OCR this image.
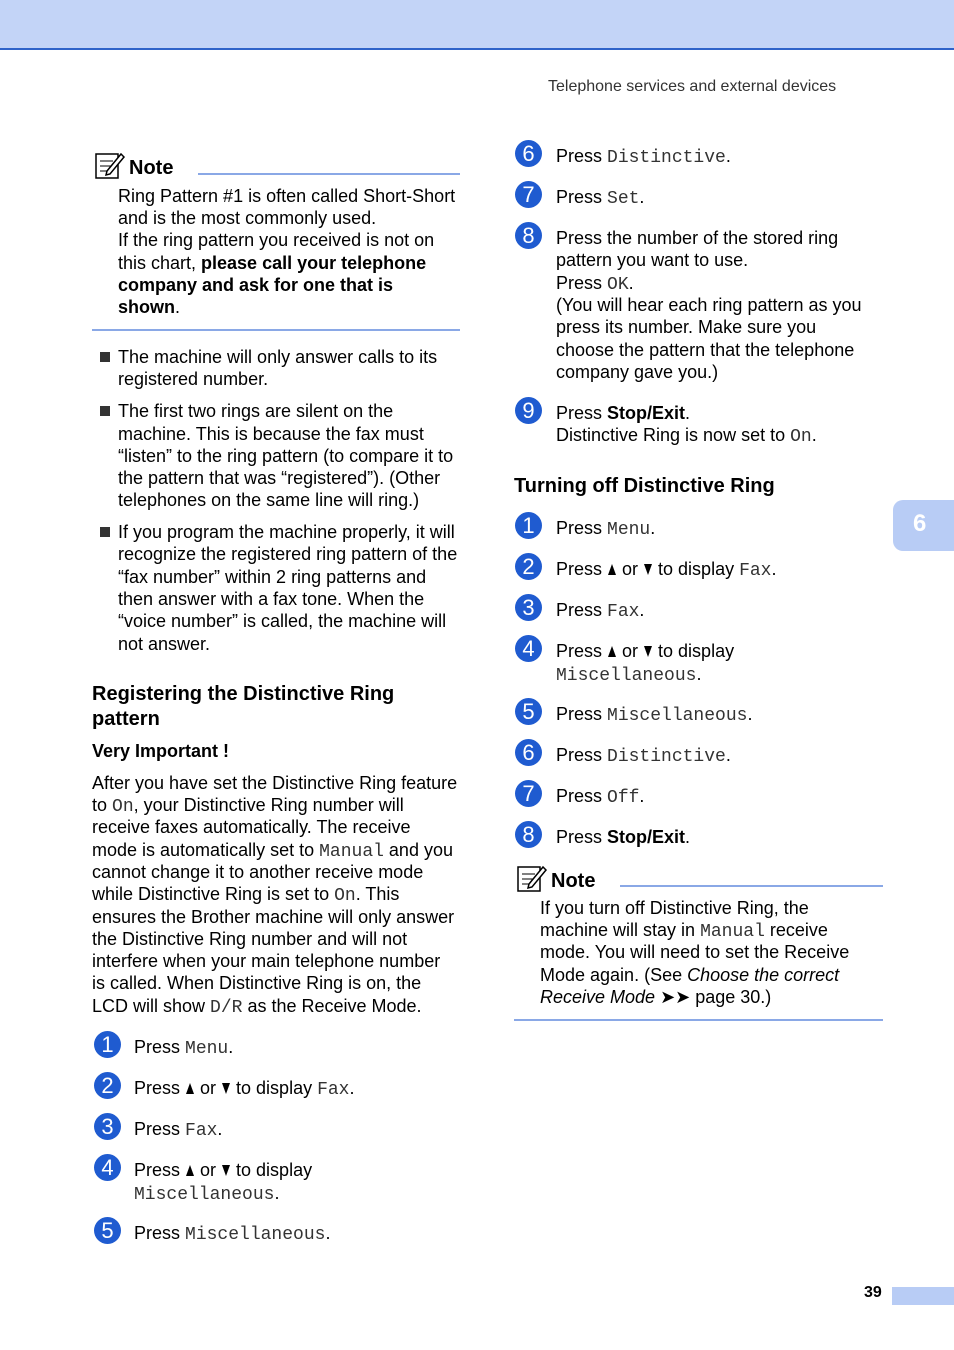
Telephone services and external devices
Note
Ring Pattern #1 is often called Short-Short
and is the most commonly used.
If the ring pattern you received is not on
this chart, please call your telephone
company and ask for one that is
shown.
The machine will only answer calls to its
registered number.
The first two rings are silent on the
machine. This is because the fax must
“listen” to the ring pattern (to compare it to
the pattern that was “registered”). (Other
telephones on the same line will ring.)
If you program the machine properly, it will
recognize the registered ring pattern of the
“fax number” within 2 ring patterns and
then answer with a fax tone. When the
“voice number” is called, the machine will
not answer.
Registering the Distinctive Ring
pattern
Very Important !
After you have set the Distinctive Ring feature
to On, your Distinctive Ring number will
receive faxes automatically. The receive
mode is automatically set to Manual and you
cannot change it to another receive mode
while Distinctive Ring is set to On. This
ensures the Brother machine will only answer
the Distinctive Ring number and will not
interfere when your main telephone number
is called. When Distinctive Ring is on, the
LCD will show D/R as the Receive Mode.
1	Press Menu.
2	Press  or  to display Fax.
3	Press Fax.
4	Press  or  to display
Miscellaneous.
5	Press Miscellaneous.
6	Press Distinctive.
7	Press Set.
8	Press the number of the stored ring
pattern you want to use.
Press OK.
(You will hear each ring pattern as you
press its number. Make sure you
choose the pattern that the telephone
company gave you.)
9	Press Stop/Exit.
Distinctive Ring is now set to On.
Turning off Distinctive Ring
1	Press Menu.
2	Press  or  to display Fax.
3	Press Fax.
4	Press  or  to display
Miscellaneous.
5	Press Miscellaneous.
6	Press Distinctive.
7	Press Off.
8	Press Stop/Exit.
Note
If you turn off Distinctive Ring, the
machine will stay in Manual receive
mode. You will need to set the Receive
Mode again. (See Choose the correct
Receive Mode ➤➤ page 30.)
6
39
